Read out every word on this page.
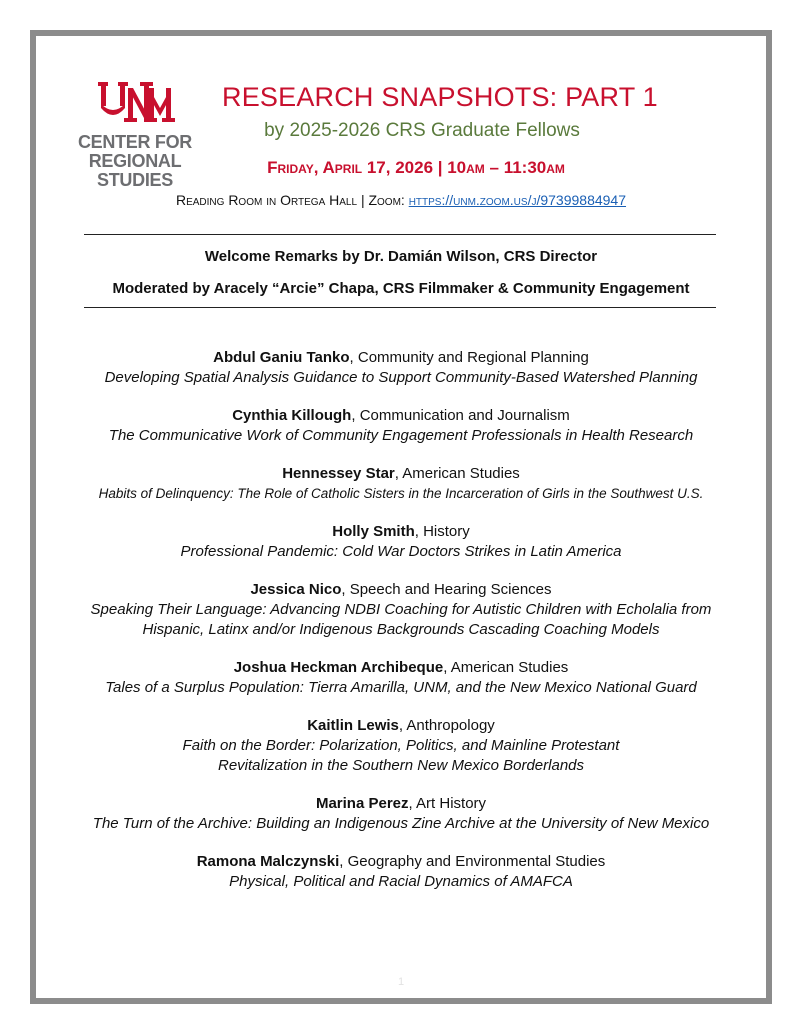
CENTER FOR
REGIONAL STUDIES
RESEARCH SNAPSHOTS: PART 1
by 2025-2026 CRS Graduate Fellows
Friday, April 17, 2026 | 10am – 11:30am
Reading Room in Ortega Hall | Zoom: https://unm.zoom.us/j/97399884947
Welcome Remarks by Dr. Damián Wilson, CRS Director
Moderated by Aracely “Arcie” Chapa, CRS Filmmaker & Community Engagement
Abdul Ganiu Tanko, Community and Regional Planning
Developing Spatial Analysis Guidance to Support Community-Based Watershed Planning
Cynthia Killough, Communication and Journalism
The Communicative Work of Community Engagement Professionals in Health Research
Hennessey Star, American Studies
Habits of Delinquency: The Role of Catholic Sisters in the Incarceration of Girls in the Southwest U.S.
Holly Smith, History
Professional Pandemic: Cold War Doctors Strikes in Latin America
Jessica Nico, Speech and Hearing Sciences
Speaking Their Language: Advancing NDBI Coaching for Autistic Children with Echolalia from
Hispanic, Latinx and/or Indigenous Backgrounds Cascading Coaching Models
Joshua Heckman Archibeque, American Studies
Tales of a Surplus Population: Tierra Amarilla, UNM, and the New Mexico National Guard
Kaitlin Lewis, Anthropology
Faith on the Border: Polarization, Politics, and Mainline Protestant
Revitalization in the Southern New Mexico Borderlands
Marina Perez, Art History
The Turn of the Archive: Building an Indigenous Zine Archive at the University of New Mexico
Ramona Malczynski, Geography and Environmental Studies
Physical, Political and Racial Dynamics of AMAFCA
1
